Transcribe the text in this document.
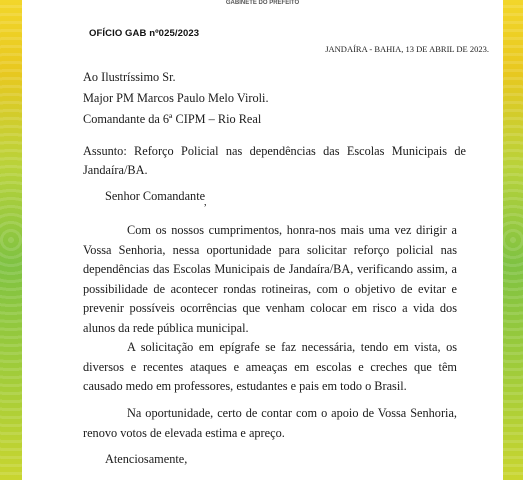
GABINETE DO PREFEITO
OFÍCIO GAB nº025/2023
JANDAÍRA - BAHIA, 13 DE ABRIL DE 2023.
Ao Ilustríssimo Sr.
Major PM Marcos Paulo Melo Viroli.
Comandante da 6ª CIPM – Rio Real
Assunto: Reforço Policial nas dependências das Escolas Municipais de Jandaíra/BA.
Senhor Comandante
,

Com os nossos cumprimentos, honra-nos mais uma vez dirigir a Vossa Senhoria, nessa oportunidade para solicitar reforço policial nas dependências das Escolas Municipais de Jandaíra/BA, verificando assim, a possibilidade de acontecer rondas rotineiras, com o objetivo de evitar e prevenir possíveis ocorrências que venham colocar em risco a vida dos alunos da rede pública municipal.

A solicitação em epígrafe se faz necessária, tendo em vista, os diversos e recentes ataques e ameaças em escolas e creches que têm causado medo em professores, estudantes e pais em todo o Brasil.

Na oportunidade, certo de contar com o apoio de Vossa Senhoria, renovo votos de elevada estima e apreço.

Atenciosamente,
